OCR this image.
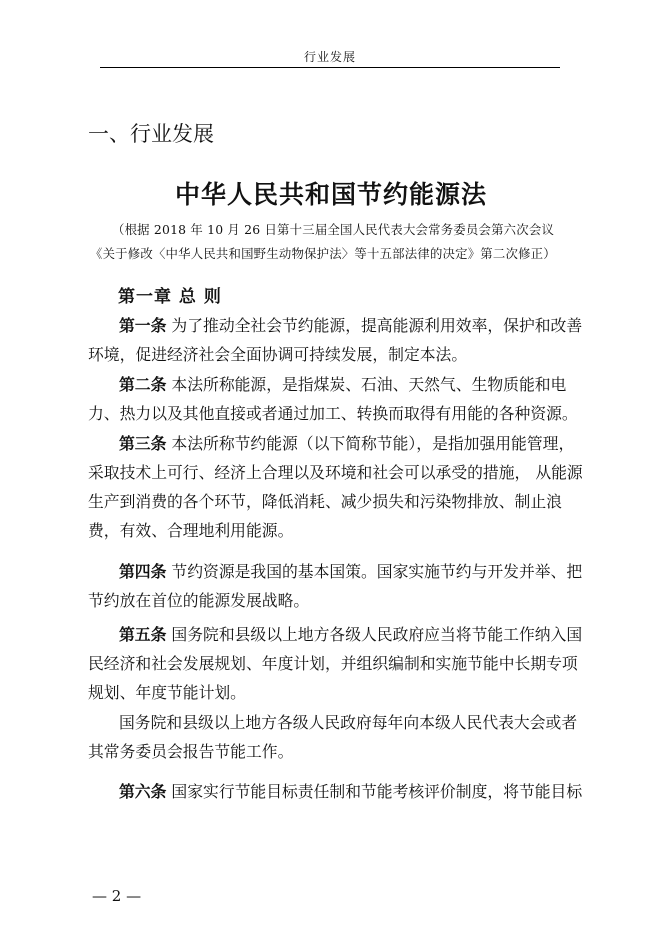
行业发展
一、行业发展
中华人民共和国节约能源法
（根据 2018 年 10 月 26 日第十三届全国人民代表大会常务委员会第六次会议《关于修改〈中华人民共和国野生动物保护法〉等十五部法律的决定》第二次修正）
第一章 总 则

第一条 为了推动全社会节约能源，提高能源利用效率，保护和改善环境，促进经济社会全面协调可持续发展，制定本法。

第二条 本法所称能源，是指煤炭、石油、天然气、生物质能和电力、热力以及其他直接或者通过加工、转换而取得有用能的各种资源。

第三条 本法所称节约能源（以下简称节能），是指加强用能管理，采取技术上可行、经济上合理以及环境和社会可以承受的措施， 从能源生产到消费的各个环节，降低消耗、减少损失和污染物排放、制止浪费，有效、合理地利用能源。

第四条 节约资源是我国的基本国策。国家实施节约与开发并举、把节约放在首位的能源发展战略。

第五条 国务院和县级以上地方各级人民政府应当将节能工作纳入国民经济和社会发展规划、年度计划，并组织编制和实施节能中长期专项规划、年度节能计划。

国务院和县级以上地方各级人民政府每年向本级人民代表大会或者其常务委员会报告节能工作。

第六条 国家实行节能目标责任制和节能考核评价制度，将节能目标

— 2 —
